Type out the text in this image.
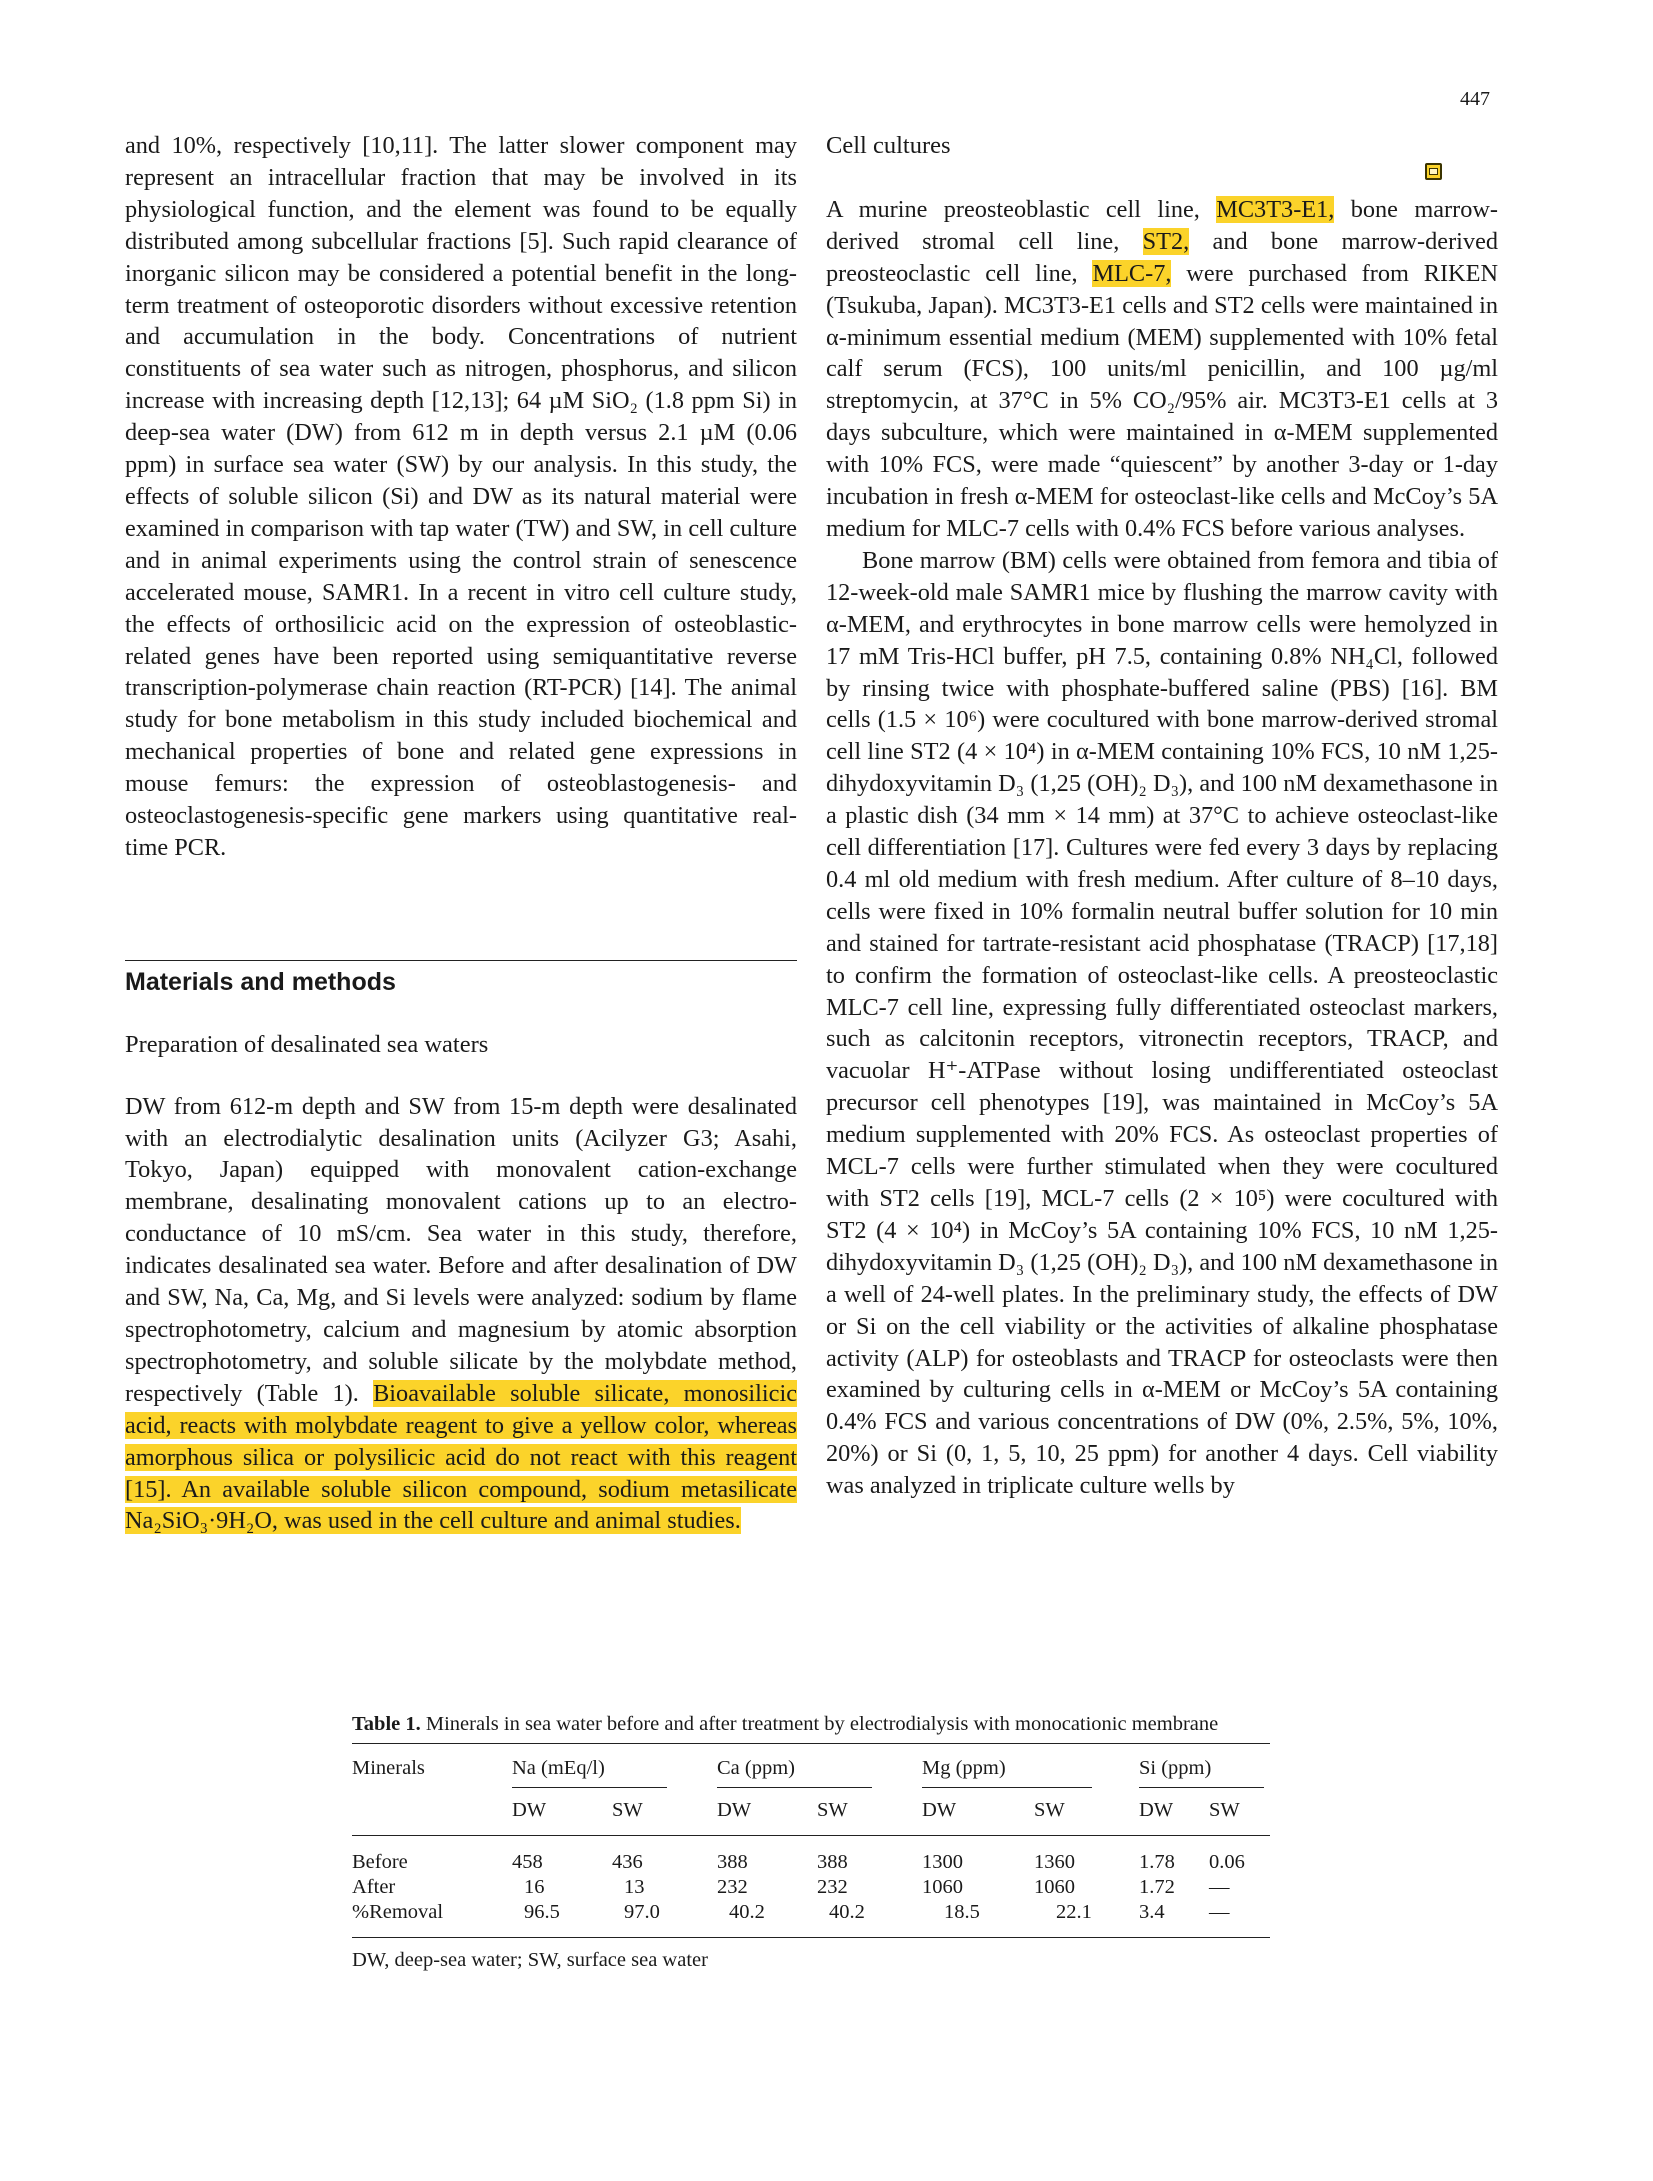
447

and 10%, respectively [10,11]. The latter slower component may represent an intracellular fraction that may be involved in its physiological function, and the element was found to be equally distributed among subcellular fractions [5]. Such rapid clearance of inorganic silicon may be considered a potential benefit in the long-term treatment of osteoporotic disorders without excessive retention and accumulation in the body. Concentrations of nutrient constituents of sea water such as nitrogen, phosphorus, and silicon increase with increasing depth [12,13]; 64 µM SiO₂ (1.8 ppm Si) in deep-sea water (DW) from 612 m in depth versus 2.1 µM (0.06 ppm) in surface sea water (SW) by our analysis. In this study, the effects of soluble silicon (Si) and DW as its natural material were examined in comparison with tap water (TW) and SW, in cell culture and in animal experiments using the control strain of senescence accelerated mouse, SAMR1. In a recent in vitro cell culture study, the effects of orthosilicic acid on the expression of osteoblastic-related genes have been reported using semiquantitative reverse transcription-polymerase chain reaction (RT-PCR) [14]. The animal study for bone metabolism in this study included biochemical and mechanical properties of bone and related gene expressions in mouse femurs: the expression of osteoblastogenesis- and osteoclastogenesis-specific gene markers using quantitative real-time PCR.

Materials and methods

Preparation of desalinated sea waters

DW from 612-m depth and SW from 15-m depth were desalinated with an electrodialytic desalination units (Acilyzer G3; Asahi, Tokyo, Japan) equipped with monovalent cation-exchange membrane, desalinating monovalent cations up to an electro-conductance of 10 mS/cm. Sea water in this study, therefore, indicates desalinated sea water. Before and after desalination of DW and SW, Na, Ca, Mg, and Si levels were analyzed: sodium by flame spectrophotometry, calcium and magnesium by atomic absorption spectrophotometry, and soluble silicate by the molybdate method, respectively (Table 1). Bioavailable soluble silicate, monosilicic acid, reacts with molybdate reagent to give a yellow color, whereas amorphous silica or polysilicic acid do not react with this reagent [15]. An available soluble silicon compound, sodium metasilicate Na₂SiO₃·9H₂O, was used in the cell culture and animal studies.

Cell cultures

A murine preosteoblastic cell line, MC3T3-E1, bone marrow-derived stromal cell line, ST2, and bone marrow-derived preosteoclastic cell line, MLC-7, were purchased from RIKEN (Tsukuba, Japan). MC3T3-E1 cells and ST2 cells were maintained in α-minimum essential medium (MEM) supplemented with 10% fetal calf serum (FCS), 100 units/ml penicillin, and 100 µg/ml streptomycin, at 37°C in 5% CO₂/95% air. MC3T3-E1 cells at 3 days subculture, which were maintained in α-MEM supplemented with 10% FCS, were made “quiescent” by another 3-day or 1-day incubation in fresh α-MEM for osteoclast-like cells and McCoy’s 5A medium for MLC-7 cells with 0.4% FCS before various analyses.

Bone marrow (BM) cells were obtained from femora and tibia of 12-week-old male SAMR1 mice by flushing the marrow cavity with α-MEM, and erythrocytes in bone marrow cells were hemolyzed in 17 mM Tris-HCl buffer, pH 7.5, containing 0.8% NH₄Cl, followed by rinsing twice with phosphate-buffered saline (PBS) [16]. BM cells (1.5 × 10⁶) were cocultured with bone marrow-derived stromal cell line ST2 (4 × 10⁴) in α-MEM containing 10% FCS, 10 nM 1,25-dihydoxyvitamin D₃ (1,25 (OH)₂ D₃), and 100 nM dexamethasone in a plastic dish (34 mm × 14 mm) at 37°C to achieve osteoclast-like cell differentiation [17]. Cultures were fed every 3 days by replacing 0.4 ml old medium with fresh medium. After culture of 8–10 days, cells were fixed in 10% formalin neutral buffer solution for 10 min and stained for tartrate-resistant acid phosphatase (TRACP) [17,18] to confirm the formation of osteoclast-like cells. A preosteoclastic MLC-7 cell line, expressing fully differentiated osteoclast markers, such as calcitonin receptors, vitronectin receptors, TRACP, and vacuolar H⁺-ATPase without losing undifferentiated osteoclast precursor cell phenotypes [19], was maintained in McCoy’s 5A medium supplemented with 20% FCS. As osteoclast properties of MCL-7 cells were further stimulated when they were cocultured with ST2 cells [19], MCL-7 cells (2 × 10⁵) were cocultured with ST2 (4 × 10⁴) in McCoy’s 5A containing 10% FCS, 10 nM 1,25-dihydoxyvitamin D₃ (1,25 (OH)₂ D₃), and 100 nM dexamethasone in a well of 24-well plates. In the preliminary study, the effects of DW or Si on the cell viability or the activities of alkaline phosphatase activity (ALP) for osteoblasts and TRACP for osteoclasts were then examined by culturing cells in α-MEM or McCoy’s 5A containing 0.4% FCS and various concentrations of DW (0%, 2.5%, 5%, 10%, 20%) or Si (0, 1, 5, 10, 25 ppm) for another 4 days. Cell viability was analyzed in triplicate culture wells by

Table 1. Minerals in sea water before and after treatment by electrodialysis with monocationic membrane

Minerals	Na (mEq/l)		Ca (ppm)		Mg (ppm)		Si (ppm)	
	DW	SW	DW	SW	DW	SW	DW	SW
Before	458	436	388	388	1300	1360	1.78	0.06
After	16	13	232	232	1060	1060	1.72	—
%Removal	96.5	97.0	40.2	40.2	18.5	22.1	3.4	—

DW, deep-sea water; SW, surface sea water
